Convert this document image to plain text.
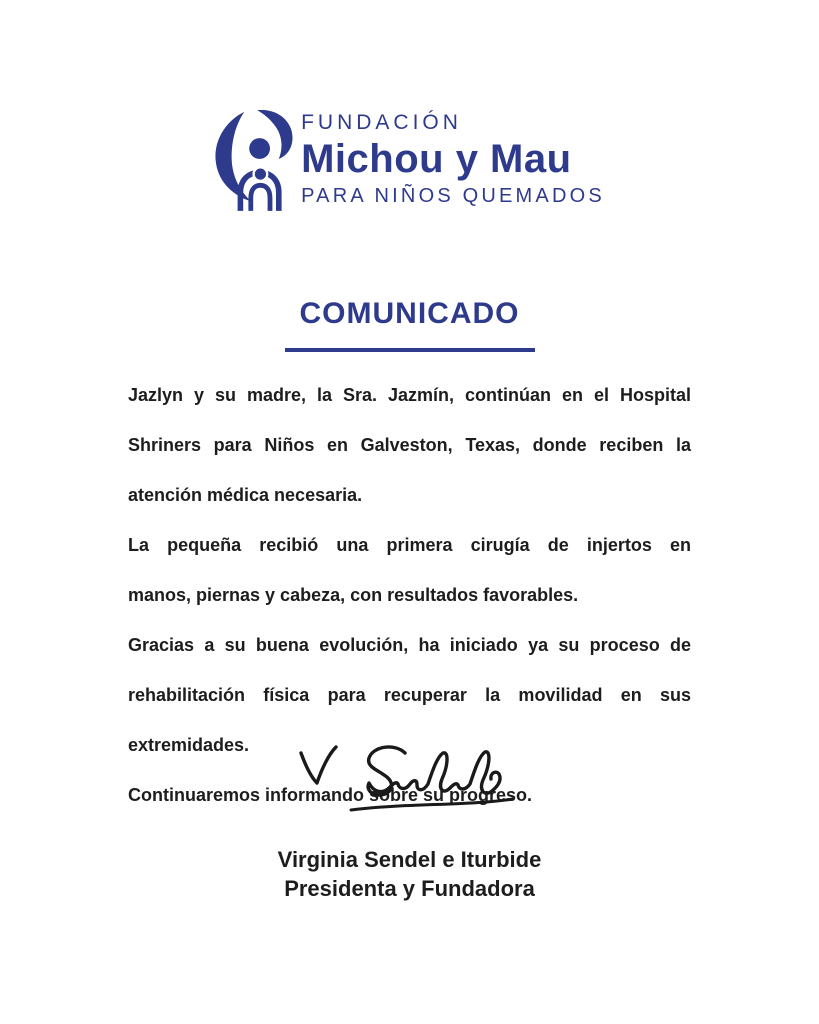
FUNDACIÓN
Michou y Mau
PARA NIÑOS QUEMADOS
COMUNICADO
Jazlyn y su madre, la Sra. Jazmín, continúan en el Hospital
Shriners para Niños en Galveston, Texas, donde reciben la
atención médica necesaria.
La pequeña recibió una primera cirugía de injertos en
manos, piernas y cabeza, con resultados favorables.
Gracias a su buena evolución, ha iniciado ya su proceso de
rehabilitación física para recuperar la movilidad en sus
extremidades.
Continuaremos informando sobre su progreso.
Virginia Sendel e Iturbide
Presidenta y Fundadora
